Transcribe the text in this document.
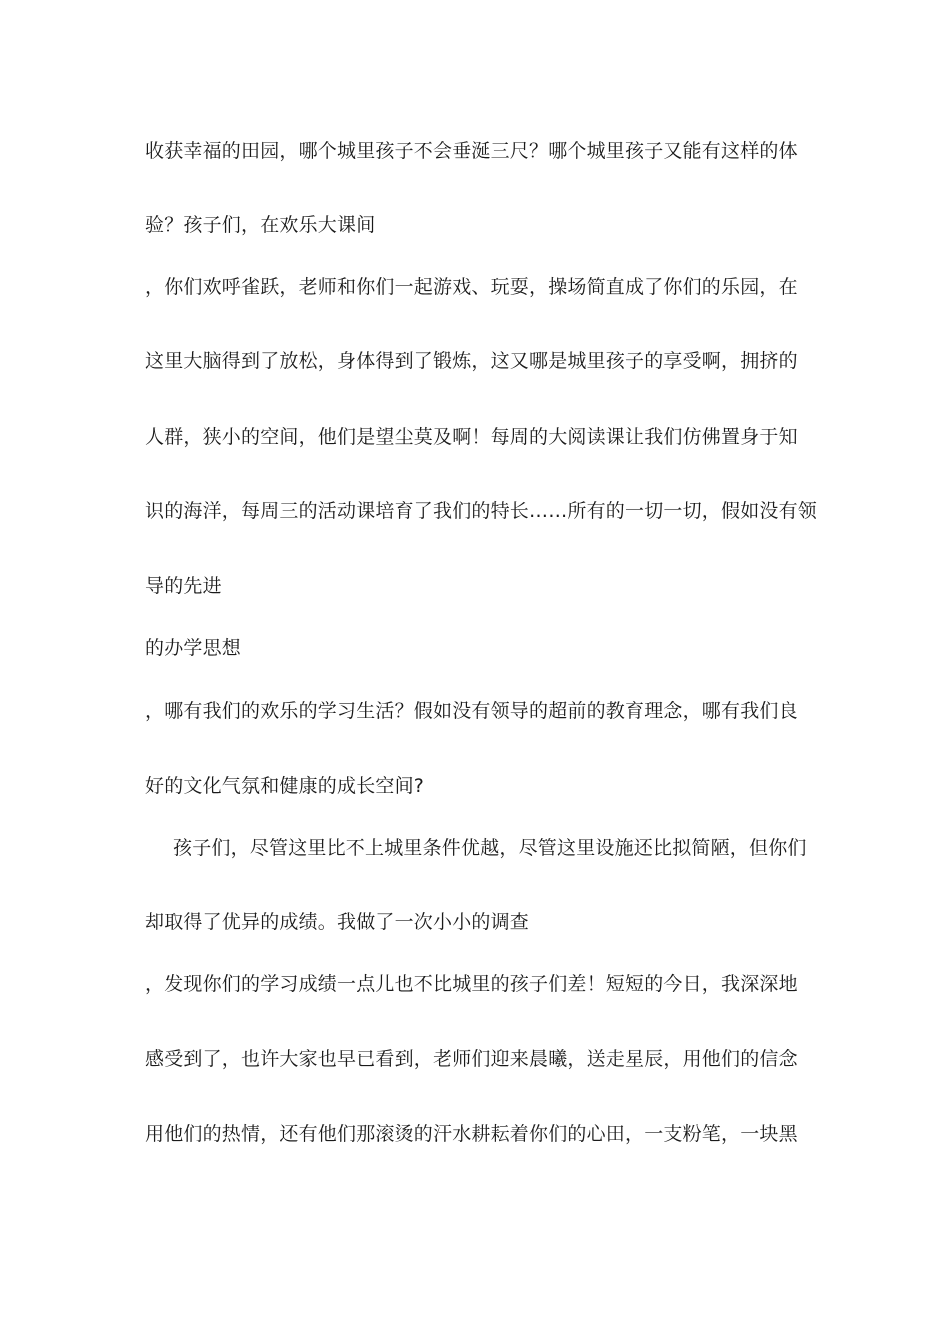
收获幸福的田园，哪个城里孩子不会垂涎三尺？哪个城里孩子又能有这样的体
验？孩子们，在欢乐大课间
，你们欢呼雀跃，老师和你们一起游戏、玩耍，操场简直成了你们的乐园，在
这里大脑得到了放松，身体得到了锻炼，这又哪是城里孩子的享受啊，拥挤的
人群，狭小的空间，他们是望尘莫及啊！每周的大阅读课让我们仿佛置身于知
识的海洋，每周三的活动课培育了我们的特长……所有的一切一切，假如没有领
导的先进
的办学思想
，哪有我们的欢乐的学习生活？假如没有领导的超前的教育理念，哪有我们良
好的文化气氛和健康的成长空间?
孩子们，尽管这里比不上城里条件优越，尽管这里设施还比拟简陋，但你们
却取得了优异的成绩。我做了一次小小的调查
，发现你们的学习成绩一点儿也不比城里的孩子们差！短短的今日，我深深地
感受到了，也许大家也早已看到，老师们迎来晨曦，送走星辰，用他们的信念
用他们的热情，还有他们那滚烫的汗水耕耘着你们的心田，一支粉笔，一块黑
